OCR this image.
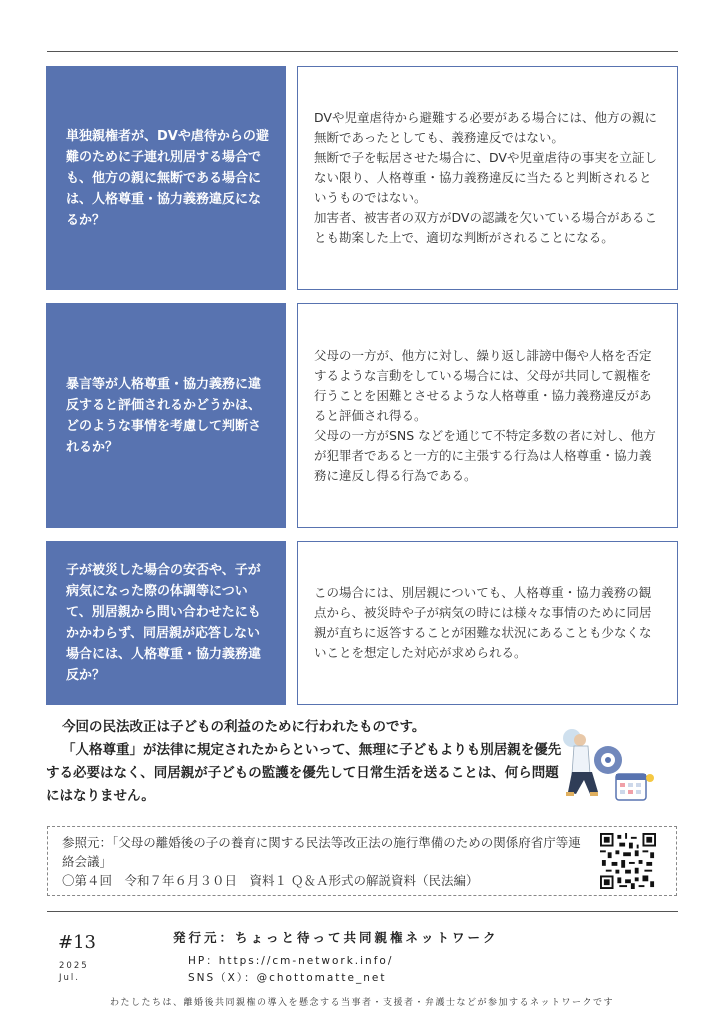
単独親権者が、DVや虐待からの避難のために子連れ別居する場合でも、他方の親に無断である場合には、人格尊重・協力義務違反になるか？

DVや児童虐待から避難する必要がある場合には、他方の親に無断であったとしても、義務違反ではない。

無断で子を転居させた場合に、DVや児童虐待の事実を立証しない限り、人格尊重・協力義務違反に当たると判断されるというものではない。

加害者、被害者の双方がDVの認識を欠いている場合があることも勘案した上で、適切な判断がされることになる。

暴言等が人格尊重・協力義務に違反すると評価されるかどうかは、どのような事情を考慮して判断されるか？

父母の一方が、他方に対し、繰り返し誹謗中傷や人格を否定するような言動をしている場合には、父母が共同して親権を行うことを困難とさせるような人格尊重・協力義務違反があると評価され得る。

父母の一方がSNS などを通じて不特定多数の者に対し、他方が犯罪者であると一方的に主張する行為は人格尊重・協力義務に違反し得る行為である。

子が被災した場合の安否や、子が病気になった際の体調等について、別居親から問い合わせたにもかかわらず、同居親が応答しない場合には、人格尊重・協力義務違反か？

この場合には、別居親についても、人格尊重・協力義務の観点から、被災時や子が病気の時には様々な事情のために同居親が直ちに返答することが困難な状況にあることも少なくないことを想定した対応が求められる。

今回の民法改正は子どもの利益のために行われたものです。

「人格尊重」が法律に規定されたからといって、無理に子どもよりも別居親を優先する必要はなく、同居親が子どもの監護を優先して日常生活を送ることは、何ら問題にはなりません。

参照元：「父母の離婚後の子の養育に関する民法等改正法の施行準備のための関係府省庁等連絡会議」

〇第４回　令和７年６月３０日　資料１ Ｑ＆Ａ形式の解説資料（民法編）

#13
2025
Jul.
発行元：ちょっと待って共同親権ネットワーク
HP：https://cm-network.info/
SNS（X）：@chottomatte_net
わたしたちは、離婚後共同親権の導入を懸念する当事者・支援者・弁護士などが参加するネットワークです
